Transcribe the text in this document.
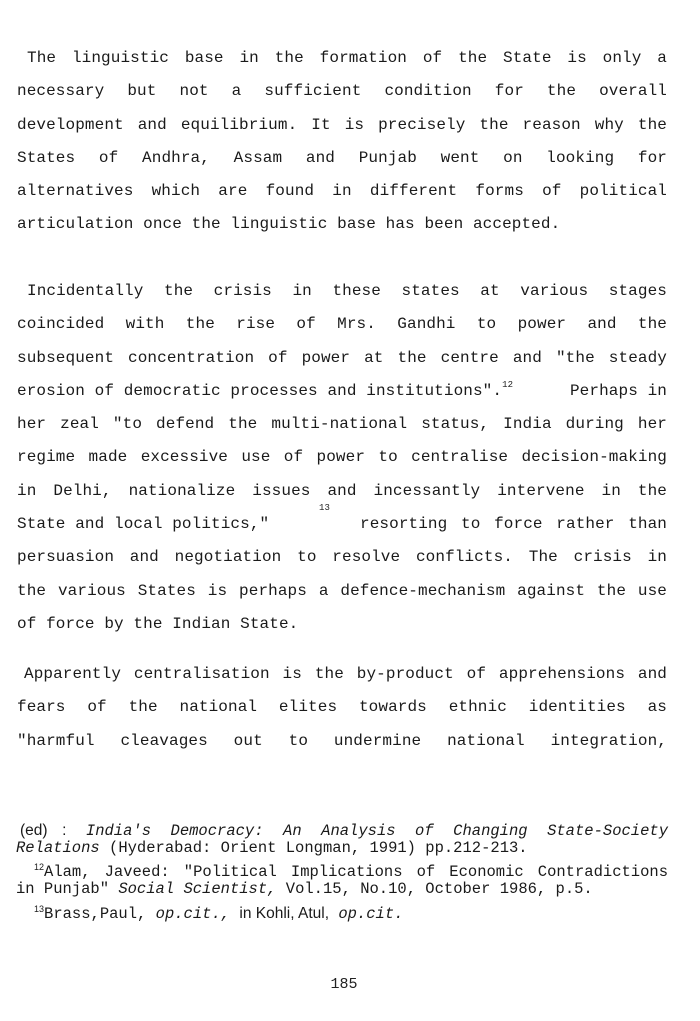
The linguistic base in the formation of the State is only a
necessary but not a sufficient condition for the overall
development and equilibrium. It is precisely the reason why the
States of Andhra, Assam and Punjab went on looking for
alternatives which are found in different forms of political
articulation once the linguistic base has been accepted.
Incidentally the crisis in these states at various stages
coincided with the rise of Mrs. Gandhi to power and the
subsequent concentration of power at the centre and "the steady
erosion of democratic processes and institutions".$^{12}$	Perhaps in
her zeal "to defend the multi-national status, India during her
regime made excessive use of power to centralise decision-making
in Delhi, nationalize issues and incessantly intervene in the
State and local politics,"
13
resorting to force rather than
persuasion and negotiation to resolve conflicts. The crisis in
the various States is perhaps a defence-mechanism against the use
of force by the Indian State.
Apparently centralisation is the by-product of apprehensions and
fears of the national elites towards ethnic identities as
"harmful cleavages out to undermine national integration,
(ed) : India's Democracy: An Analysis of Changing State-Society
Relations (Hyderabad: Orient Longman, 1991) pp.212-213.
$^{12}$Alam, Javeed: "Political Implications of Economic Contradictions
in Punjab" Social Scientist, Vol.15, No.10, October 1986, p.5.
$^{13}$Brass,Paul, op.cit., in Kohli, Atul, op.cit.
185
